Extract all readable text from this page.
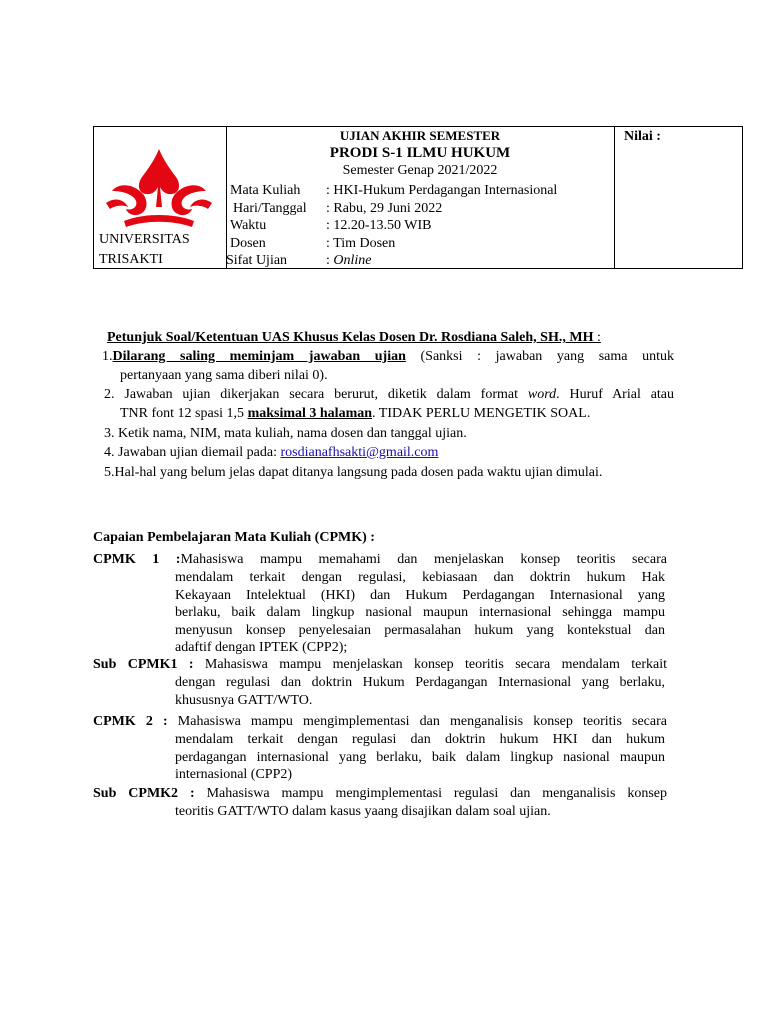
UNIVERSITAS
TRISAKTI
UJIAN AKHIR SEMESTER
PRODI S-1 ILMU HUKUM
Semester Genap 2021/2022
Mata Kuliah	: HKI-Hukum Perdagangan Internasional
Hari/Tanggal	: Rabu, 29 Juni 2022
Waktu	: 12.20-13.50 WIB
Dosen	: Tim Dosen
Sifat Ujian	: Online
Nilai :
Petunjuk Soal/Ketentuan UAS Khusus Kelas Dosen Dr. Rosdiana Saleh, SH., MH :
1.Dilarang saling meminjam jawaban ujian (Sanksi : jawaban yang sama untuk
pertanyaan yang sama diberi nilai 0).
2. Jawaban ujian dikerjakan secara berurut, diketik dalam format word. Huruf Arial atau
TNR font 12 spasi 1,5 maksimal 3 halaman. TIDAK PERLU MENGETIK SOAL.
3. Ketik nama, NIM, mata kuliah, nama dosen dan tanggal ujian.
4. Jawaban ujian diemail pada: rosdianafhsakti@gmail.com
5.Hal-hal yang belum jelas dapat ditanya langsung pada dosen pada waktu ujian dimulai.
Capaian Pembelajaran Mata Kuliah (CPMK) :
CPMK 1 :Mahasiswa mampu memahami dan menjelaskan konsep teoritis secara
mendalam terkait dengan regulasi, kebiasaan dan doktrin hukum Hak
Kekayaan Intelektual (HKI) dan Hukum Perdagangan Internasional yang
berlaku, baik dalam lingkup nasional maupun internasional sehingga mampu
menyusun konsep penyelesaian permasalahan hukum yang kontekstual dan
adaftif dengan IPTEK (CPP2);
Sub CPMK1 : Mahasiswa mampu menjelaskan konsep teoritis secara mendalam terkait
dengan regulasi dan doktrin Hukum Perdagangan Internasional yang berlaku,
khususnya GATT/WTO.
CPMK 2 : Mahasiswa mampu mengimplementasi dan menganalisis konsep teoritis secara
mendalam terkait dengan regulasi dan doktrin hukum HKI dan hukum
perdagangan internasional yang berlaku, baik dalam lingkup nasional maupun
internasional (CPP2)
Sub CPMK2 : Mahasiswa mampu mengimplementasi regulasi dan menganalisis konsep
teoritis GATT/WTO dalam kasus yaang disajikan dalam soal ujian.
